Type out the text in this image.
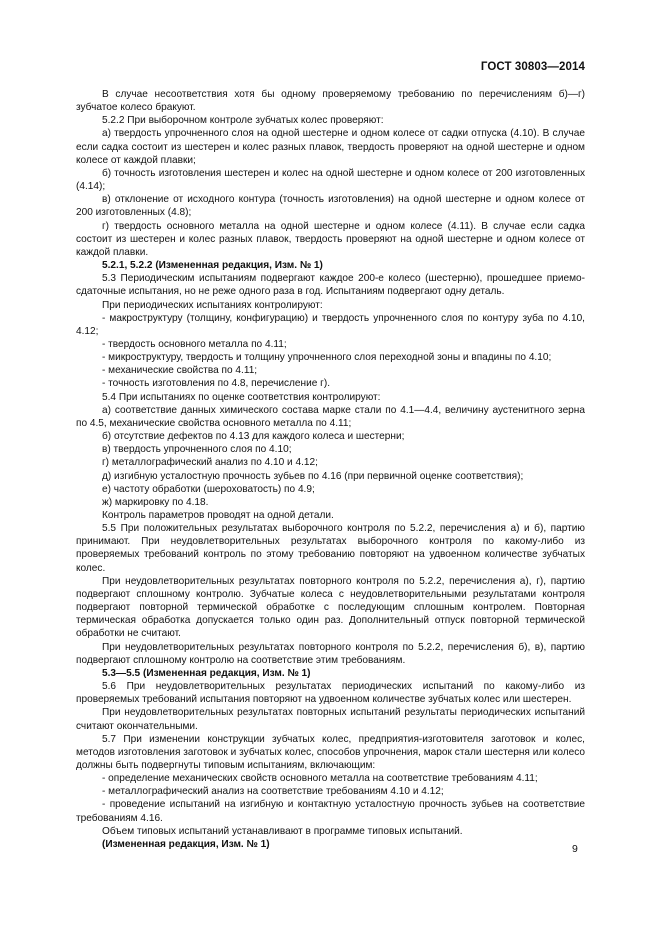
ГОСТ 30803—2014

В случае несоответствия хотя бы одному проверяемому требованию по перечислениям б)—г) зубчатое колесо бракуют.

5.2.2 При выборочном контроле зубчатых колес проверяют:

а) твердость упрочненного слоя на одной шестерне и одном колесе от садки отпуска (4.10). В случае если садка состоит из шестерен и колес разных плавок, твердость проверяют на одной шестерне и одном колесе от каждой плавки;

б) точность изготовления шестерен и колес на одной шестерне и одном колесе от 200 изготовленных (4.14);

в) отклонение от исходного контура (точность изготовления) на одной шестерне и одном колесе от 200 изготовленных (4.8);

г) твердость основного металла на одной шестерне и одном колесе (4.11). В случае если садка состоит из шестерен и колес разных плавок, твердость проверяют на одной шестерне и одном колесе от каждой плавки.

5.2.1, 5.2.2 (Измененная редакция, Изм. № 1)

5.3 Периодическим испытаниям подвергают каждое 200-е колесо (шестерню), прошедшее приемо-сдаточные испытания, но не реже одного раза в год. Испытаниям подвергают одну деталь.

При периодических испытаниях контролируют:

- макроструктуру (толщину, конфигурацию) и твердость упрочненного слоя по контуру зуба по 4.10, 4.12;

- твердость основного металла по 4.11;

- микроструктуру, твердость и толщину упрочненного слоя переходной зоны и впадины по 4.10;

- механические свойства по 4.11;

- точность изготовления по 4.8, перечисление г).

5.4 При испытаниях по оценке соответствия контролируют:

а) соответствие данных химического состава марке стали по 4.1—4.4, величину аустенитного зерна по 4.5, механические свойства основного металла по 4.11;

б) отсутствие дефектов по 4.13 для каждого колеса и шестерни;

в) твердость упрочненного слоя по 4.10;

г) металлографический анализ по 4.10 и 4.12;

д) изгибную усталостную прочность зубьев по 4.16 (при первичной оценке соответствия);

е) частоту обработки (шероховатость) по 4.9;

ж) маркировку по 4.18.

Контроль параметров проводят на одной детали.

5.5 При положительных результатах выборочного контроля по 5.2.2, перечисления а) и б), партию принимают. При неудовлетворительных результатах выборочного контроля по какому-либо из проверяемых требований контроль по этому требованию повторяют на удвоенном количестве зубчатых колес.

При неудовлетворительных результатах повторного контроля по 5.2.2, перечисления а), г), партию подвергают сплошному контролю. Зубчатые колеса с неудовлетворительными результатами контроля подвергают повторной термической обработке с последующим сплошным контролем. Повторная термическая обработка допускается только один раз. Дополнительный отпуск повторной термической обработки не считают.

При неудовлетворительных результатах повторного контроля по 5.2.2, перечисления б), в), партию подвергают сплошному контролю на соответствие этим требованиям.

5.3—5.5 (Измененная редакция, Изм. № 1)

5.6 При неудовлетворительных результатах периодических испытаний по какому-либо из проверяемых требований испытания повторяют на удвоенном количестве зубчатых колес или шестерен.

При неудовлетворительных результатах повторных испытаний результаты периодических испытаний считают окончательными.

5.7 При изменении конструкции зубчатых колес, предприятия-изготовителя заготовок и колес, методов изготовления заготовок и зубчатых колес, способов упрочнения, марок стали шестерня или колесо должны быть подвергнуты типовым испытаниям, включающим:

- определение механических свойств основного металла на соответствие требованиям 4.11;

- металлографический анализ на соответствие требованиям 4.10 и 4.12;

- проведение испытаний на изгибную и контактную усталостную прочность зубьев на соответствие требованиям 4.16.

Объем типовых испытаний устанавливают в программе типовых испытаний.

(Измененная редакция, Изм. № 1)	9
